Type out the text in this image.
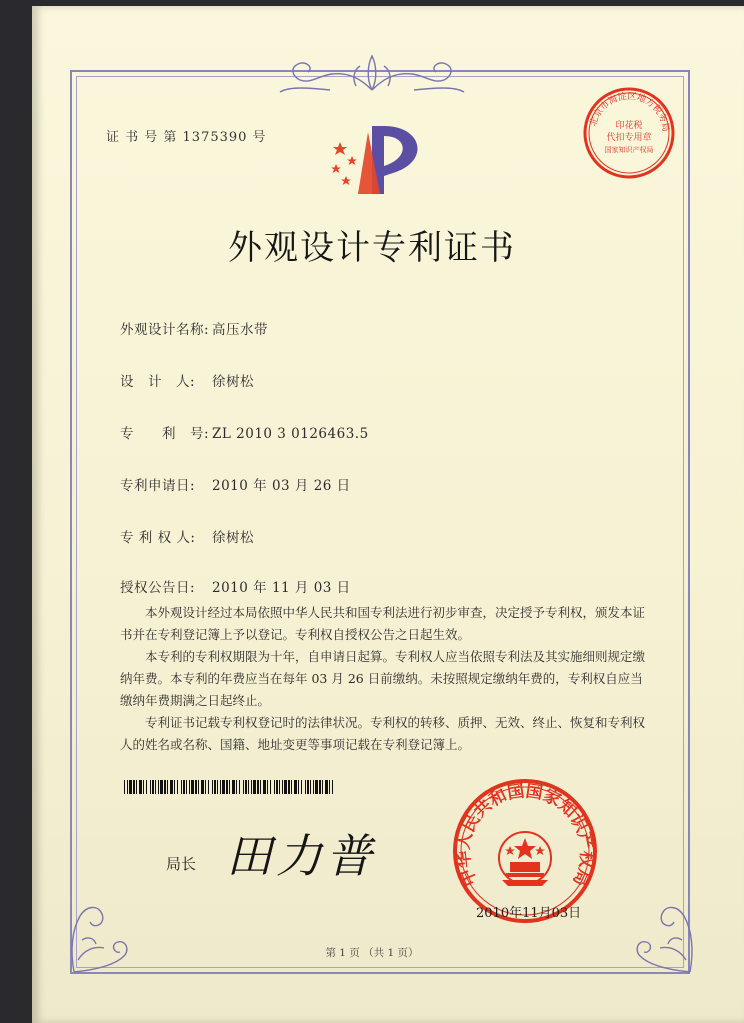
证 书 号 第 1375390 号
外观设计专利证书
北京市海淀区地方税务局
印花税
代扣专用章
国家知识产权局
外观设计名称: 高压水带
设　计　人: 徐树松
专　　利　号: ZL 2010 3 0126463.5
专利申请日: 2010 年 03 月 26 日
专 利 权 人: 徐树松
授权公告日: 2010 年 11 月 03 日

本外观设计经过本局依照中华人民共和国专利法进行初步审查，决定授予专利权，颁发本证书并在专利登记簿上予以登记。专利权自授权公告之日起生效。

本专利的专利权期限为十年，自申请日起算。专利权人应当依照专利法及其实施细则规定缴纳年费。本专利的年费应当在每年 03 月 26 日前缴纳。未按照规定缴纳年费的，专利权自应当缴纳年费期满之日起终止。

专利证书记载专利权登记时的法律状况。专利权的转移、质押、无效、终止、恢复和专利权人的姓名或名称、国籍、地址变更等事项记载在专利登记簿上。

局长 田力普	中华人民共和国国家知识产权局
2010年11月03日
第 1 页 （共 1 页）
